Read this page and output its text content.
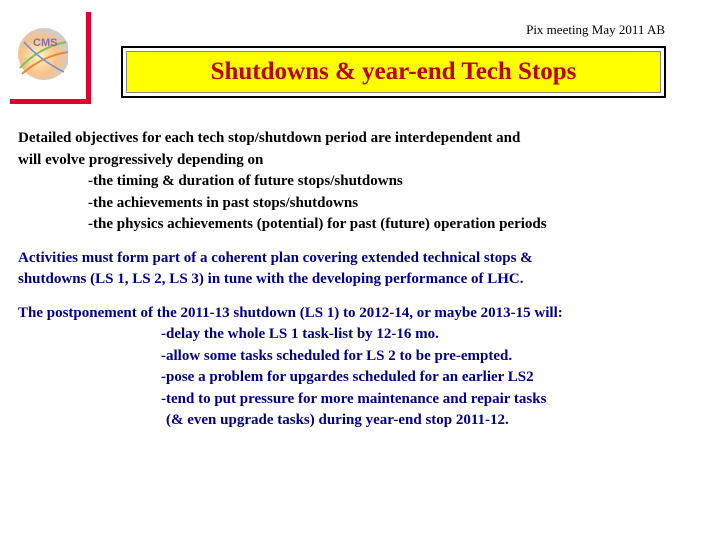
CMS
Pix meeting May 2011 AB
Shutdowns & year-end Tech Stops
Detailed objectives for each tech stop/shutdown period are interdependent and
will evolve progressively depending on
-the timing & duration of future stops/shutdowns
-the achievements in past stops/shutdowns
-the physics achievements (potential) for past (future) operation periods
Activities must form part of a coherent plan covering extended technical stops &
shutdowns (LS 1, LS 2, LS 3) in tune with the developing performance of LHC.
The postponement of the 2011-13 shutdown (LS 1) to 2012-14, or maybe 2013-15 will:
-delay the whole LS 1 task-list by 12-16 mo.
-allow some tasks scheduled for LS 2 to be pre-empted.
-pose a problem for upgardes scheduled for an earlier LS2
-tend to put pressure for more maintenance and repair tasks
(& even upgrade tasks) during year-end stop 2011-12.
